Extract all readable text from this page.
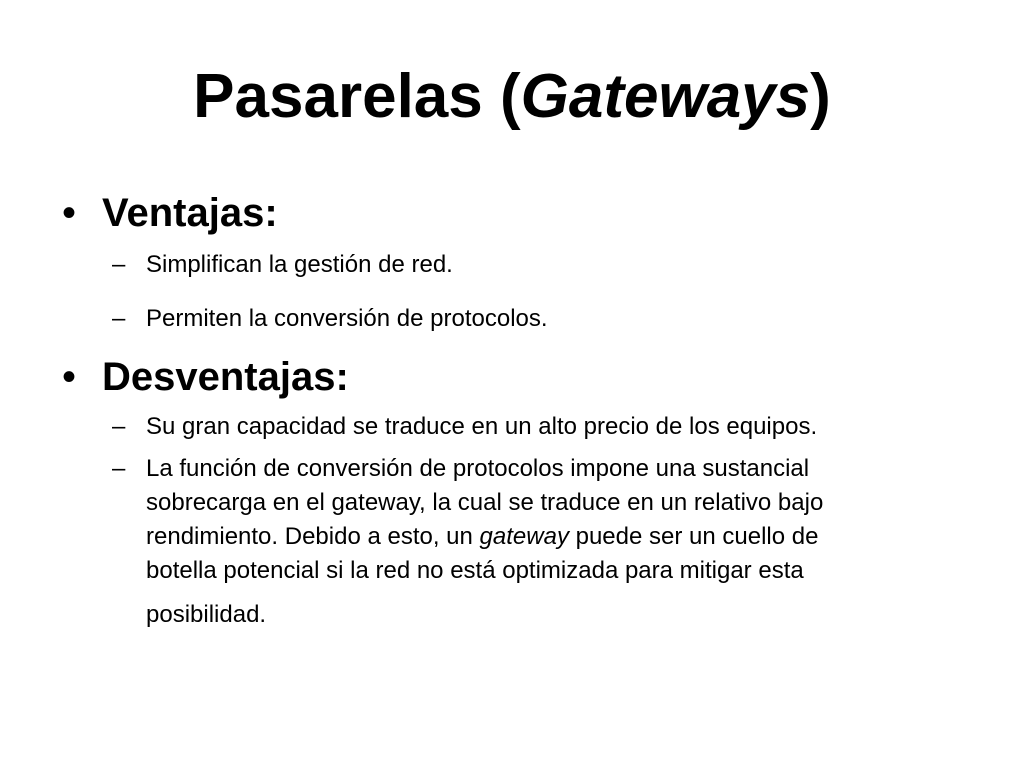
Pasarelas (Gateways)
• Ventajas:
– Simplifican la gestión de red.
– Permiten la conversión de protocolos.
• Desventajas:
– Su gran capacidad se traduce en un alto precio de los equipos.
– La función de conversión de protocolos impone una sustancial
sobrecarga en el gateway, la cual se traduce en un relativo bajo
rendimiento. Debido a esto, un gateway puede ser un cuello de
botella potencial si la red no está optimizada para mitigar esta
posibilidad.
